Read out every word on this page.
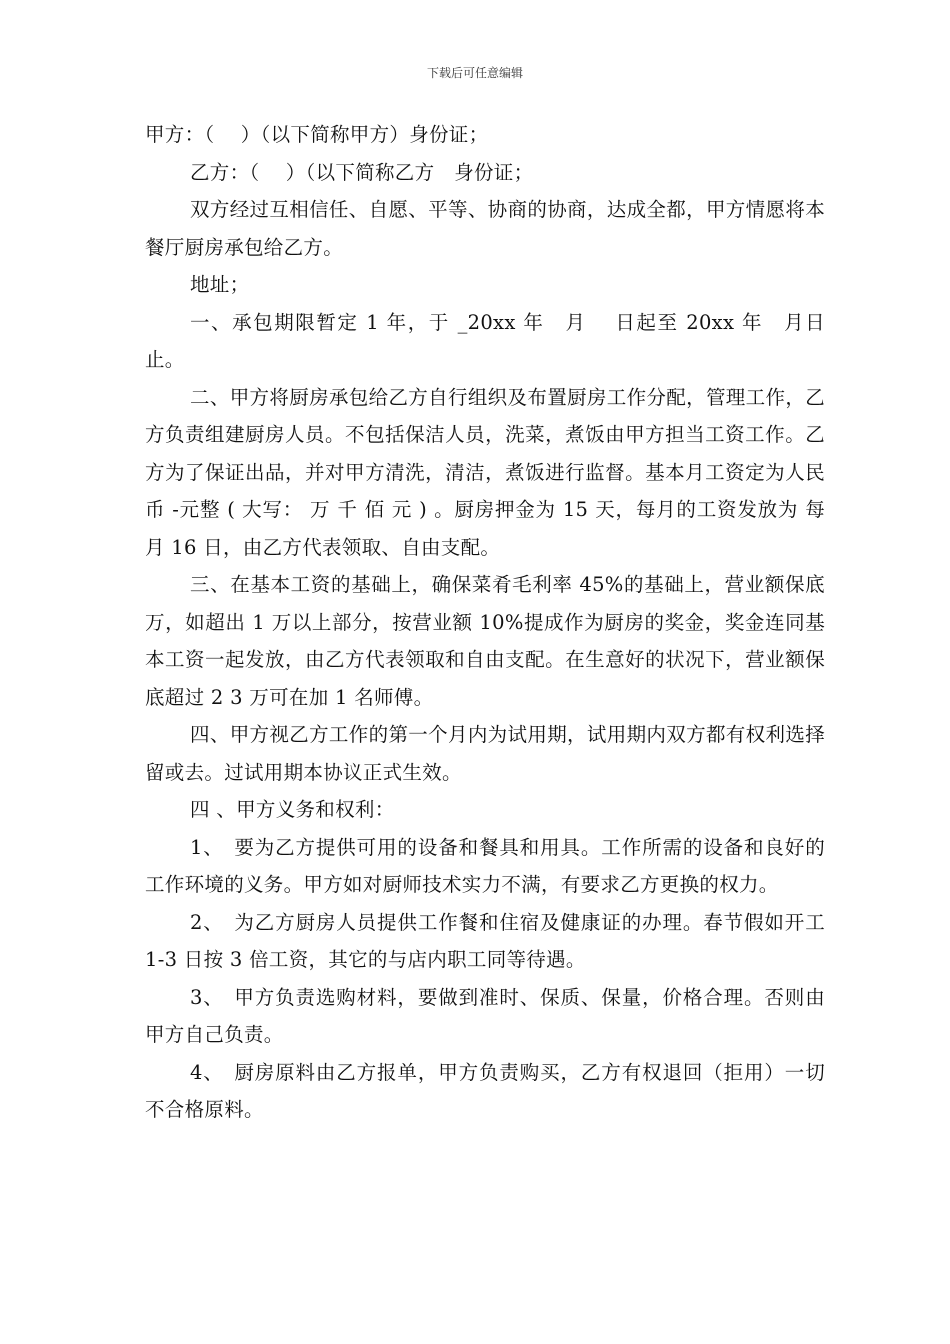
下载后可任意编辑

甲方：（　 ）（以下简称甲方）身份证；

乙方：（　 ）（以下简称乙方　身份证；

双方经过互相信任、自愿、平等、协商的协商，达成全都，甲方情愿将本餐厅厨房承包给乙方。

地址；

一、承包期限暂定 1 年，于 _20xx 年　月　 日起至 20xx 年　月日止。

二、甲方将厨房承包给乙方自行组织及布置厨房工作分配，管理工作，乙方负责组建厨房人员。不包括保洁人员，洗菜，煮饭由甲方担当工资工作。乙方为了保证出品，并对甲方清洗，清洁，煮饭进行监督。基本月工资定为人民币 -元整 ( 大写： 万 千 佰 元 ) 。厨房押金为 15 天，每月的工资发放为 每月 16 日，由乙方代表领取、自由支配。

三、在基本工资的基础上，确保菜肴毛利率 45%的基础上，营业额保底 万，如超出 1 万以上部分，按营业额 10%提成作为厨房的奖金，奖金连同基本工资一起发放，由乙方代表领取和自由支配。在生意好的状况下，营业额保底超过 2 3 万可在加 1 名师傅。

四、甲方视乙方工作的第一个月内为试用期，试用期内双方都有权利选择留或去。过试用期本协议正式生效。

四 、甲方义务和权利：

1、　要为乙方提供可用的设备和餐具和用具。工作所需的设备和良好的工作环境的义务。甲方如对厨师技术实力不满，有要求乙方更换的权力。

2、　为乙方厨房人员提供工作餐和住宿及健康证的办理。春节假如开工 1-3 日按 3 倍工资，其它的与店内职工同等待遇。

3、　甲方负责选购材料，要做到准时、保质、保量，价格合理。否则由甲方自己负责。

4、　厨房原料由乙方报单，甲方负责购买，乙方有权退回（拒用）一切不合格原料。
